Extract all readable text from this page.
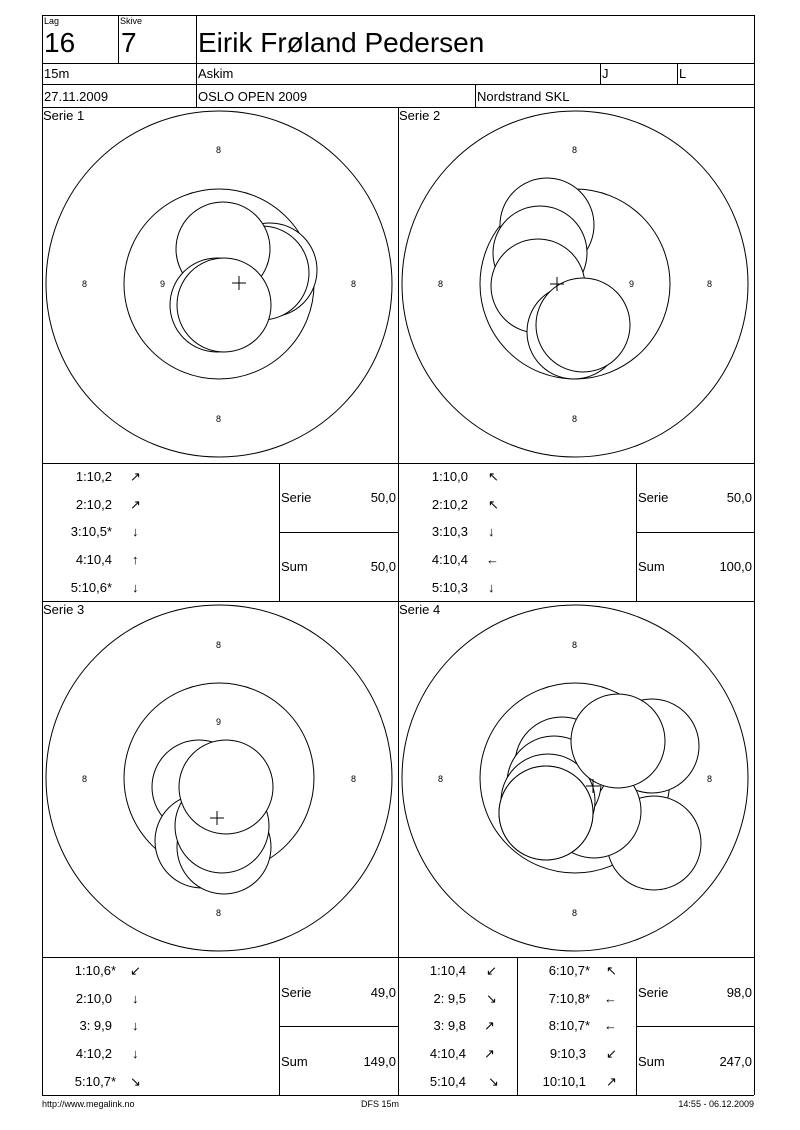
Lag
16
Skive
7 Eirik Frøland Pedersen
15m	Askim	J	L
27.11.2009	OSLO OPEN 2009	Nordstrand SKL
Serie 1
8
8
8	8
9
Serie 2
8
8
8	8
9
Serie 3
8
8
8	8
9
Serie 4
8
8
8	8
1:10,2 ↗
2:10,2 ↗
3:10,5* ↓
4:10,4 ↑
5:10,6* ↓
Serie	50,0
Sum	50,0
1:10,0 ↖
2:10,2 ↖
3:10,3 ↓
4:10,4 ←
5:10,3 ↓
Serie	50,0
Sum	100,0
1:10,6* ↙
2:10,0 ↓
3: 9,9 ↓
4:10,2 ↓
5:10,7* ↘
Serie	49,0
Sum	149,0
1:10,4 ↙
2: 9,5 ↘
3: 9,8 ↗
4:10,4 ↗
5:10,4 ↘
6:10,7* ↖
7:10,8* ←
8:10,7* ←
9:10,3 ↙
10:10,1 ↗
Serie	98,0
Sum	247,0
http://www.megalink.no	DFS 15m	14:55 - 06.12.2009
